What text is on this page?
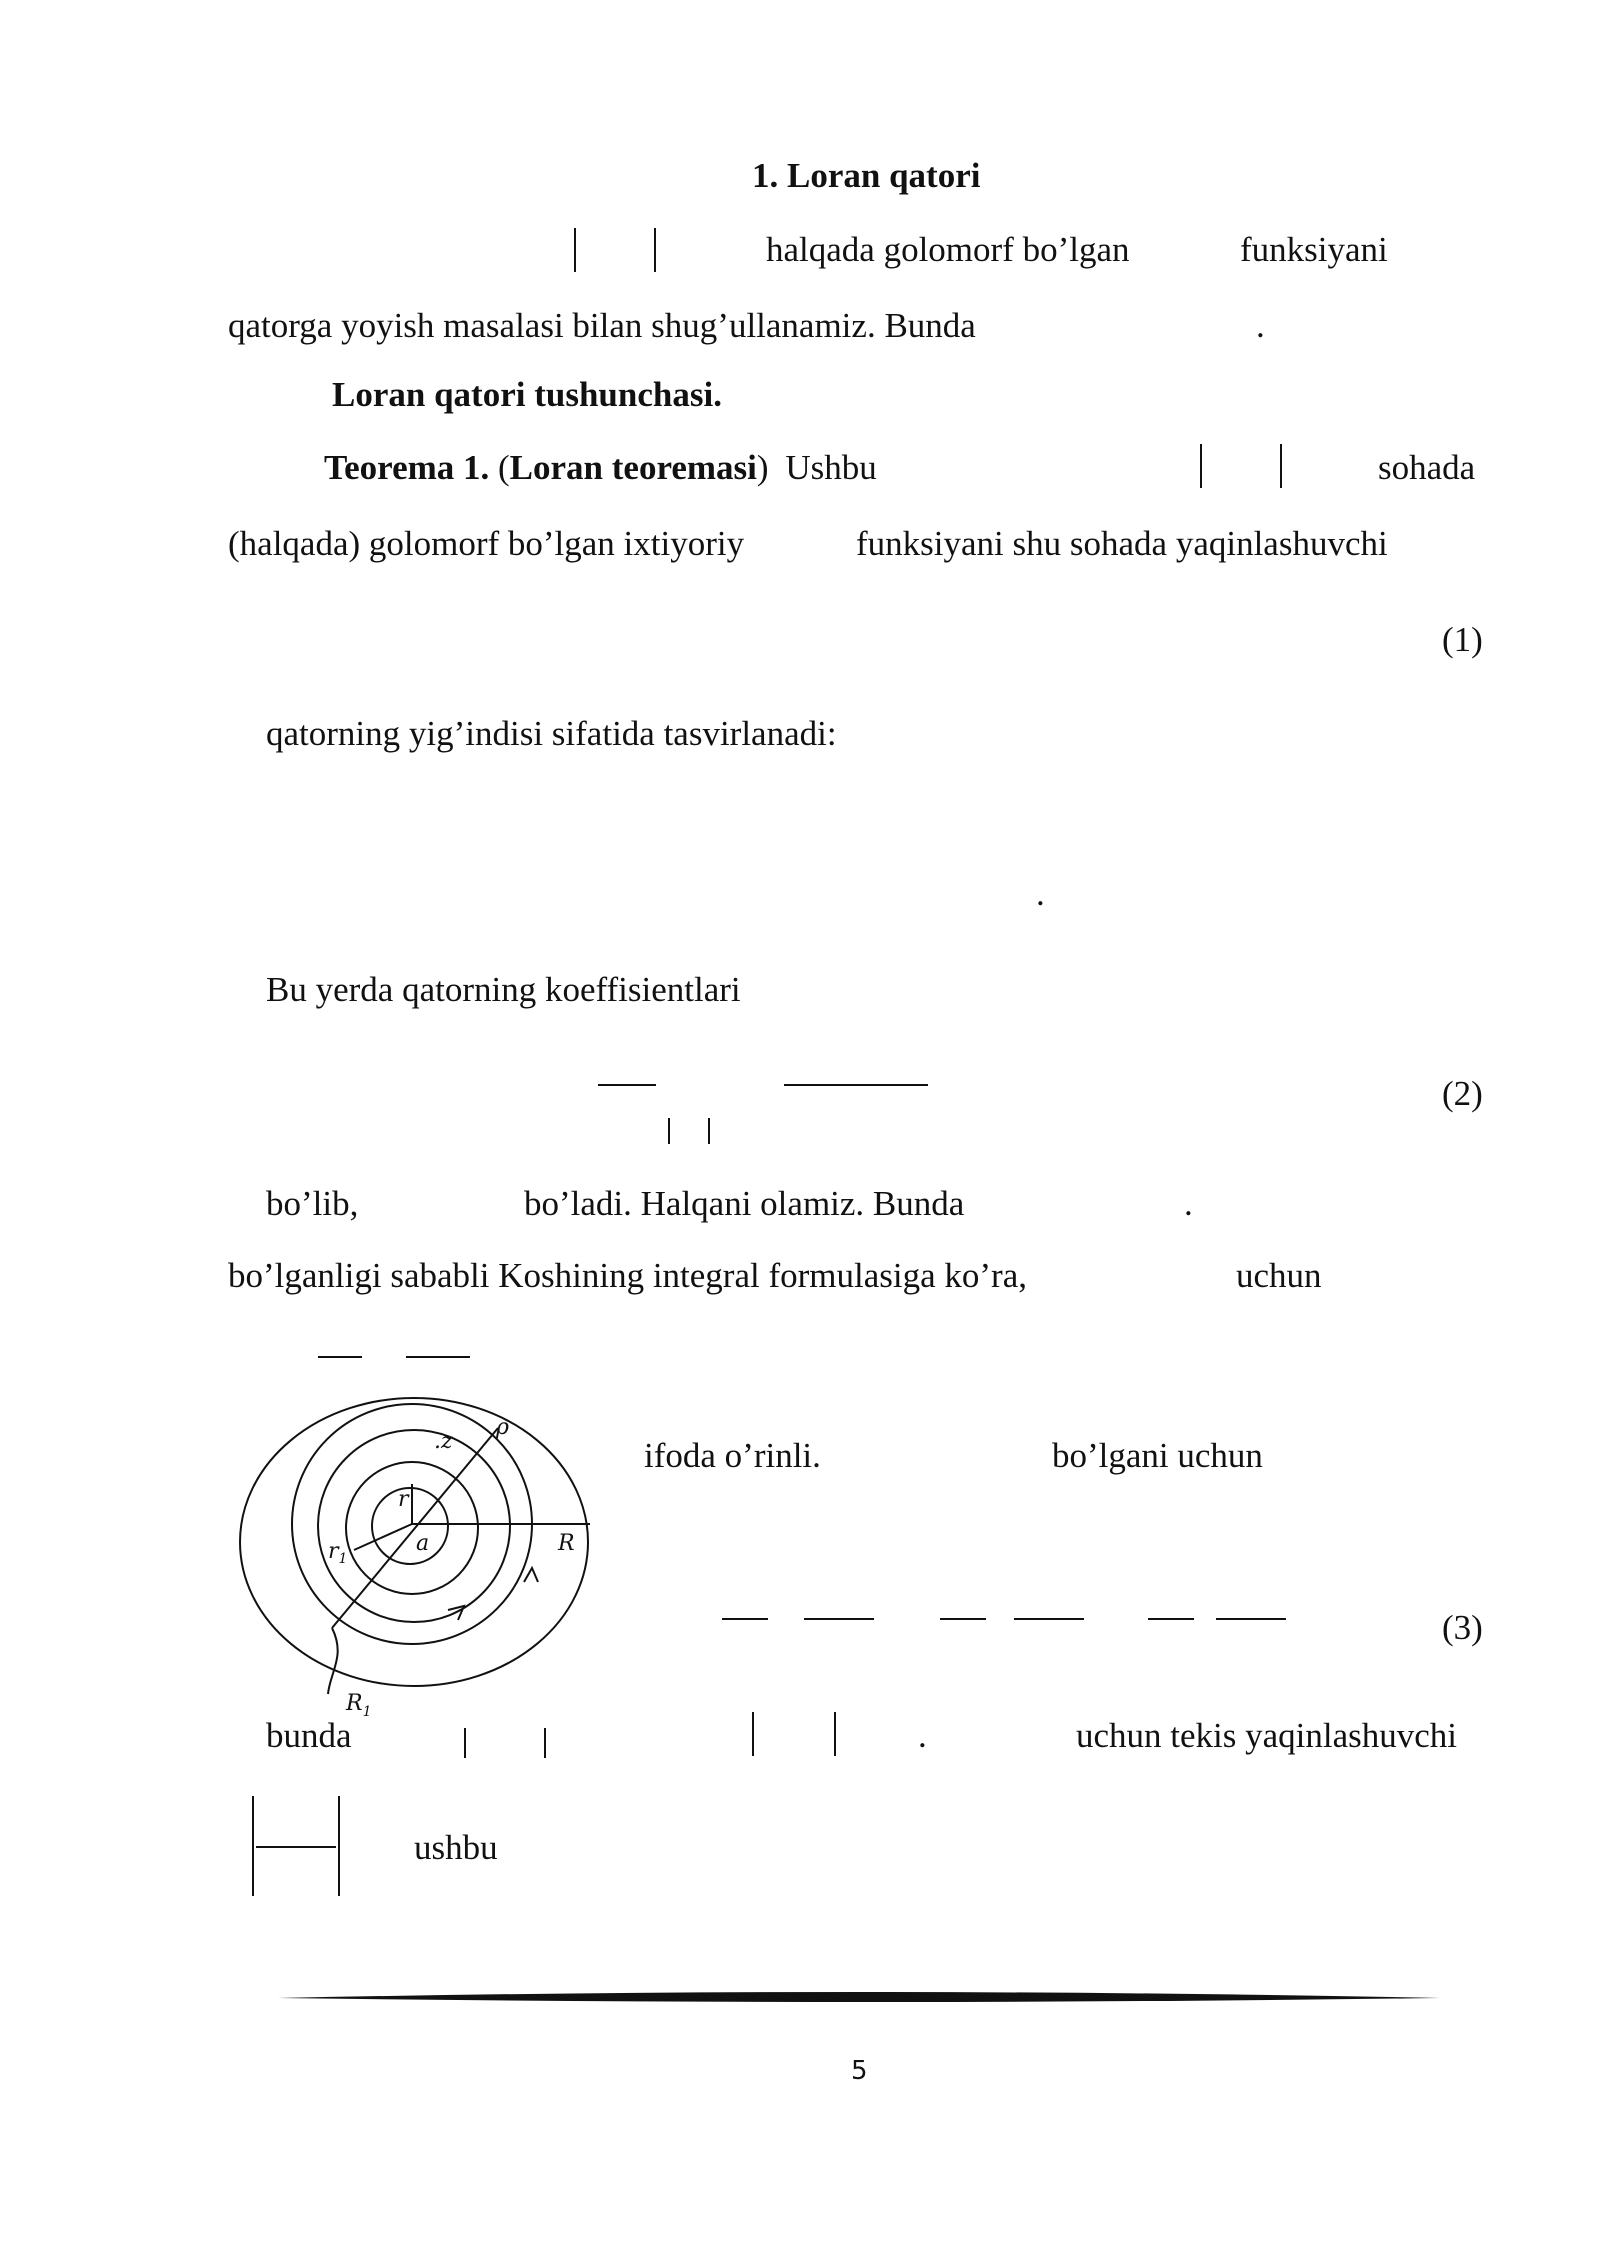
1. Loran qatori
halqada golomorf bo’lgan	funksiyani
qatorga yoyish masalasi bilan shug’ullanamiz. Bunda	.
Loran qatori tushunchasi.
Teorema 1. (Loran teoremasi) Ushbu	sohada
(halqada) golomorf bo’lgan ixtiyoriy	funksiyani shu sohada yaqinlashuvchi
(1)
qatorning yig’indisi sifatida tasvirlanadi:
.
Bu yerda qatorning koeffisientlari
(2)
bo’lib,	bo’ladi. Halqani olamiz. Bunda	.
bo’lganligi sababli Koshining integral formulasiga ko’ra,	uchun
.z
ρ
r
$r_1$
a	R
$R_1$
ifoda o’rinli.	bo’lgani uchun
(3)
bunda	.	uchun tekis yaqinlashuvchi
ushbu
5
